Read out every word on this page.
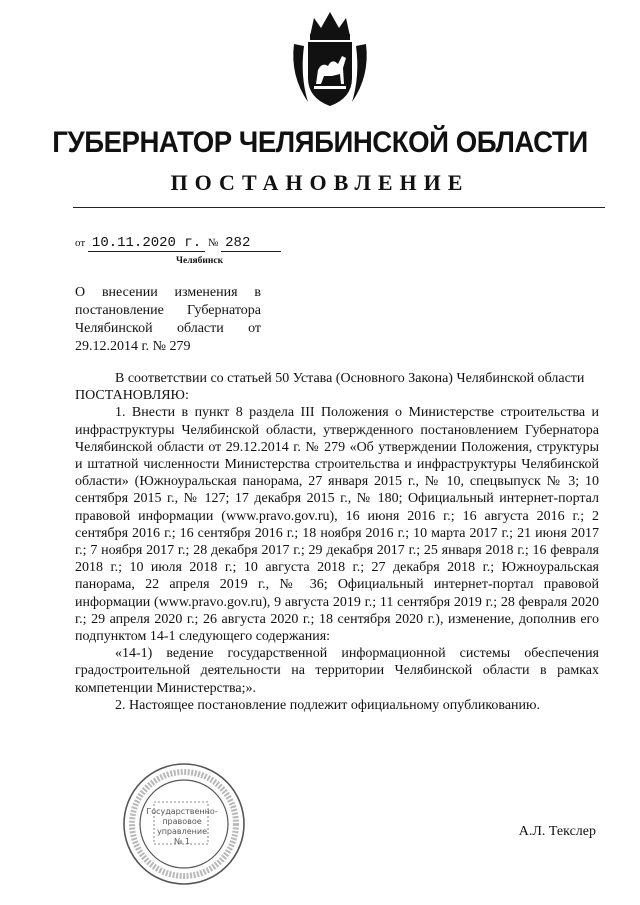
ГУБЕРНАТОР ЧЕЛЯБИНСКОЙ ОБЛАСТИ
ПОСТАНОВЛЕНИЕ
от 10.11.2020 г. № 282
Челябинск
О внесении изменения в постановление Губернатора Челябинской области от 29.12.2014 г. № 279

В соответствии со статьей 50 Устава (Основного Закона) Челябинской области

ПОСТАНОВЛЯЮ:

1. Внести в пункт 8 раздела III Положения о Министерстве строительства и инфраструктуры Челябинской области, утвержденного постановлением Губернатора Челябинской области от 29.12.2014 г. № 279 «Об утверждении Положения, структуры и штатной численности Министерства строительства и инфраструктуры Челябинской области» (Южноуральская панорама, 27 января 2015 г., № 10, спецвыпуск № 3; 10 сентября 2015 г., № 127; 17 декабря 2015 г., № 180; Официальный интернет-портал правовой информации (www.pravo.gov.ru), 16 июня 2016 г.; 16 августа 2016 г.; 2 сентября 2016 г.; 16 сентября 2016 г.; 18 ноября 2016 г.; 10 марта 2017 г.; 21 июня 2017 г.; 7 ноября 2017 г.; 28 декабря 2017 г.; 29 декабря 2017 г.; 25 января 2018 г.; 16 февраля 2018 г.; 10 июля 2018 г.; 10 августа 2018 г.; 27 декабря 2018 г.; Южноуральская панорама, 22 апреля 2019 г., № 36; Официальный интернет-портал правовой информации (www.pravo.gov.ru), 9 августа 2019 г.; 11 сентября 2019 г.; 28 февраля 2020 г.; 29 апреля 2020 г.; 26 августа 2020 г.; 18 сентября 2020 г.), изменение, дополнив его подпунктом 14-1 следующего содержания:

«14-1) ведение государственной информационной системы обеспечения градостроительной деятельности на территории Челябинской области в рамках компетенции Министерства;».

2. Настоящее постановление подлежит официальному опубликованию.

Государственно-
правовое
управление
№ 1
А.Л. Текслер
